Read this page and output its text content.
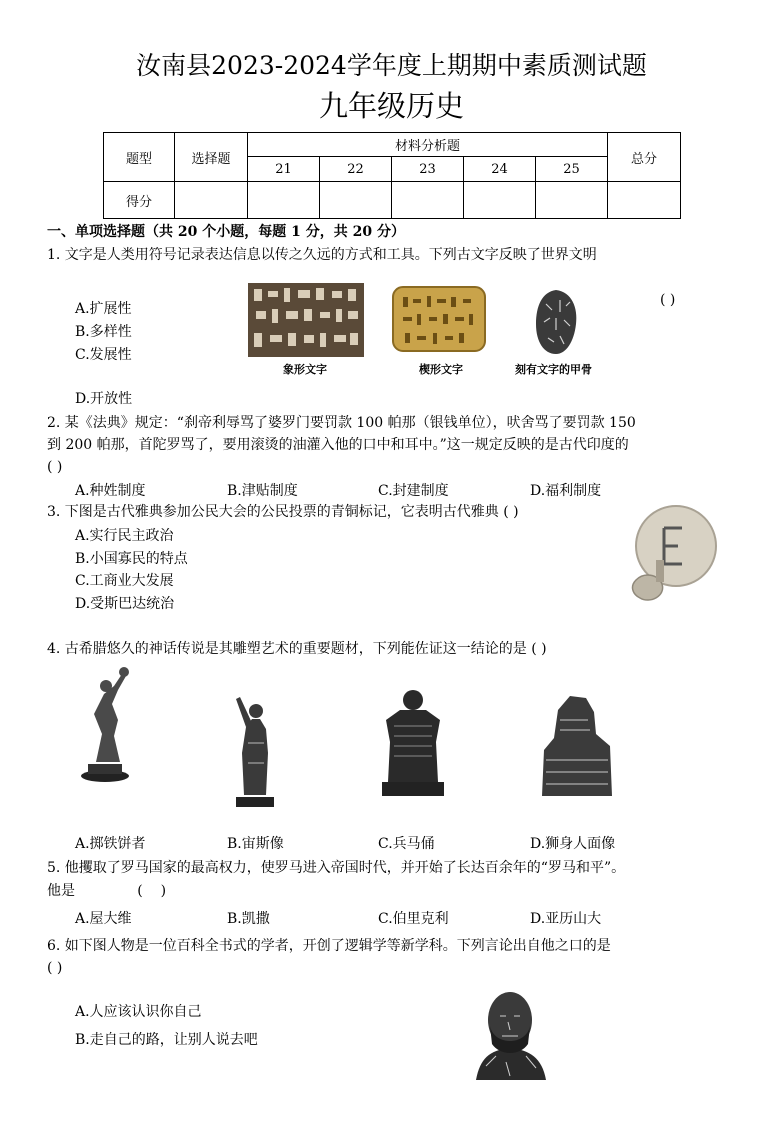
汝南县2023-2024学年度上期期中素质测试题
九年级历史
题型	选择题	材料分析题					总分
		21	22	23	24	25	
得分							
一、单项选择题（共 20 个小题，每题 1 分，共 20 分）
1. 文字是人类用符号记录表达信息以传之久远的方式和工具。下列古文字反映了世界文明
( )
A.扩展性
B.多样性
C.发展性
D.开放性
象形文字	楔形文字	刻有文字的甲骨
2. 某《法典》规定：“刹帝利辱骂了婆罗门要罚款 100 帕那（银钱单位），吠舍骂了要罚款 150
到 200 帕那，首陀罗骂了，要用滚烫的油灌入他的口中和耳中。”这一规定反映的是古代印度的
( )
A.种姓制度	B.津贴制度	C.封建制度	D.福利制度
3. 下图是古代雅典参加公民大会的公民投票的青铜标记，它表明古代雅典 ( )
A.实行民主政治
B.小国寡民的特点
C.工商业大发展
D.受斯巴达统治
4. 古希腊悠久的神话传说是其雕塑艺术的重要题材，下列能佐证这一结论的是 ( )
A.掷铁饼者	B.宙斯像	C.兵马俑	D.狮身人面像
5. 他攫取了罗马国家的最高权力，使罗马进入帝国时代，并开始了长达百余年的“罗马和平”。
他是              (    )
A.屋大维	B.凯撒	C.伯里克利	D.亚历山大
6. 如下图人物是一位百科全书式的学者，开创了逻辑学等新学科。下列言论出自他之口的是
( )
A.人应该认识你自己
B.走自己的路，让别人说去吧
